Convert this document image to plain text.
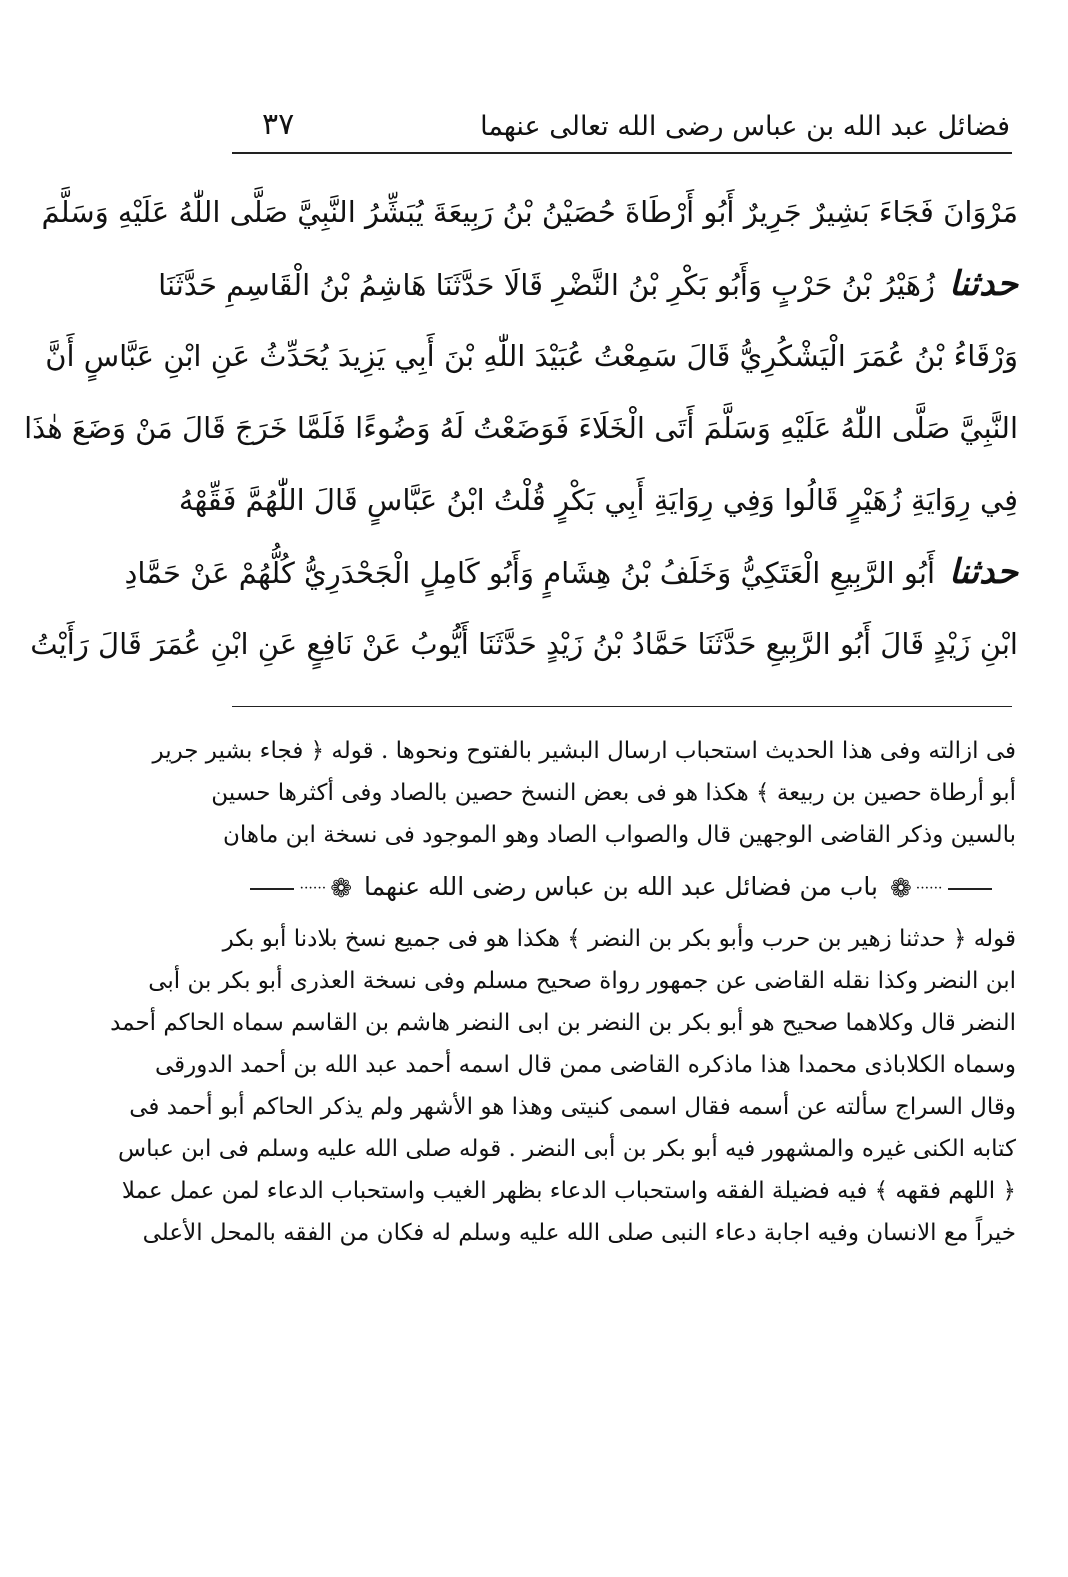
فضائل عبد الله بن عباس رضى الله تعالى عنهما
٣٧
مَرْوَانَ فَجَاءَ بَشِيرٌ جَرِيرٌ أَبُو أَرْطَاةَ حُصَيْنُ بْنُ رَبِيعَةَ يُبَشِّرُ النَّبِيَّ صَلَّى اللّٰهُ عَلَيْهِ وَسَلَّمَ
حدثنازُهَيْرُ بْنُ حَرْبٍ وَأَبُو بَكْرِ بْنُ النَّضْرِ قَالَا حَدَّثَنَا هَاشِمُ بْنُ الْقَاسِمِ حَدَّثَنَا
وَرْقَاءُ بْنُ عُمَرَ الْيَشْكُرِيُّ قَالَ سَمِعْتُ عُبَيْدَ اللّٰهِ بْنَ أَبِي يَزِيدَ يُحَدِّثُ عَنِ ابْنِ عَبَّاسٍ أَنَّ
النَّبِيَّ صَلَّى اللّٰهُ عَلَيْهِ وَسَلَّمَ أَتَى الْخَلَاءَ فَوَضَعْتُ لَهُ وَضُوءًا فَلَمَّا خَرَجَ قَالَ مَنْ وَضَعَ هٰذَا
فِي رِوَايَةِ زُهَيْرٍ قَالُوا وَفِي رِوَايَةِ أَبِي بَكْرٍ قُلْتُ ابْنُ عَبَّاسٍ قَالَ اللّٰهُمَّ فَقِّهْهُ
حدثناأَبُو الرَّبِيعِ الْعَتَكِيُّ وَخَلَفُ بْنُ هِشَامٍ وَأَبُو كَامِلٍ الْجَحْدَرِيُّ كُلُّهُمْ عَنْ حَمَّادِ
ابْنِ زَيْدٍ قَالَ أَبُو الرَّبِيعِ حَدَّثَنَا حَمَّادُ بْنُ زَيْدٍ حَدَّثَنَا أَيُّوبُ عَنْ نَافِعٍ عَنِ ابْنِ عُمَرَ قَالَ رَأَيْتُ
فى ازالته وفى هذا الحديث استحباب ارسال البشير بالفتوح ونحوها . قوله ﴿ فجاء بشير جرير
أبو أرطاة حصين بن ربيعة ﴾ هكذا هو فى بعض النسخ حصين بالصاد وفى أكثرها حسين
بالسين وذكر القاضى الوجهين قال والصواب الصاد وهو الموجود فى نسخة ابن ماهان
······❁ باب من فضائل عبد الله بن عباس رضى الله عنهما ❁······
قوله ﴿ حدثنا زهير بن حرب وأبو بكر بن النضر ﴾ هكذا هو فى جميع نسخ بلادنا أبو بكر
ابن النضر وكذا نقله القاضى عن جمهور رواة صحيح مسلم وفى نسخة العذرى أبو بكر بن أبى
النضر قال وكلاهما صحيح هو أبو بكر بن النضر بن ابى النضر هاشم بن القاسم سماه الحاكم أحمد
وسماه الكلاباذى محمدا هذا ماذكره القاضى ممن قال اسمه أحمد عبد الله بن أحمد الدورقى
وقال السراج سألته عن أسمه فقال اسمى كنيتى وهذا هو الأشهر ولم يذكر الحاكم أبو أحمد فى
كتابه الكنى غيره والمشهور فيه أبو بكر بن أبى النضر . قوله صلى الله عليه وسلم فى ابن عباس
﴿ اللهم فقهه ﴾ فيه فضيلة الفقه واستحباب الدعاء بظهر الغيب واستحباب الدعاء لمن عمل عملا
خيراً مع الانسان وفيه اجابة دعاء النبى صلى الله عليه وسلم له فكان من الفقه بالمحل الأعلى
